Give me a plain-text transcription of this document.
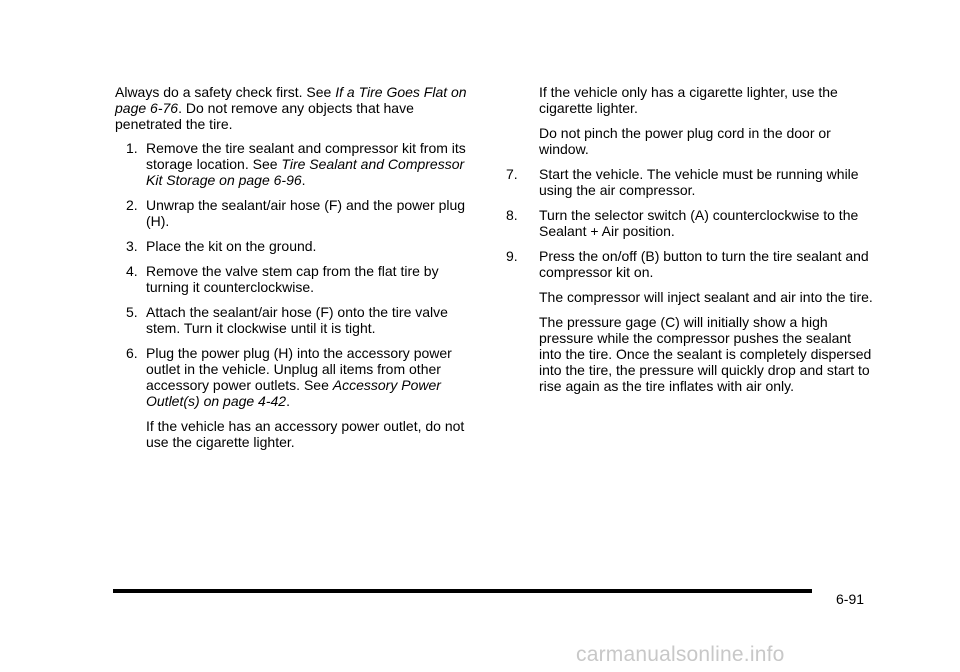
Always do a safety check first. See If a Tire Goes Flat on page 6-76. Do not remove any objects that have penetrated the tire.

1. Remove the tire sealant and compressor kit from its storage location. See Tire Sealant and Compressor Kit Storage on page 6-96.
2. Unwrap the sealant/air hose (F) and the power plug (H).
3. Place the kit on the ground.
4. Remove the valve stem cap from the flat tire by turning it counterclockwise.
5. Attach the sealant/air hose (F) onto the tire valve stem. Turn it clockwise until it is tight.
6. Plug the power plug (H) into the accessory power outlet in the vehicle. Unplug all items from other accessory power outlets. See Accessory Power Outlet(s) on page 4-42.

If the vehicle has an accessory power outlet, do not use the cigarette lighter.

If the vehicle only has a cigarette lighter, use the cigarette lighter.

Do not pinch the power plug cord in the door or window.

7. Start the vehicle. The vehicle must be running while using the air compressor.
8. Turn the selector switch (A) counterclockwise to the Sealant + Air position.
9. Press the on/off (B) button to turn the tire sealant and compressor kit on.

The compressor will inject sealant and air into the tire.

The pressure gage (C) will initially show a high pressure while the compressor pushes the sealant into the tire. Once the sealant is completely dispersed into the tire, the pressure will quickly drop and start to rise again as the tire inflates with air only.

6-91
carmanualsonline.info
